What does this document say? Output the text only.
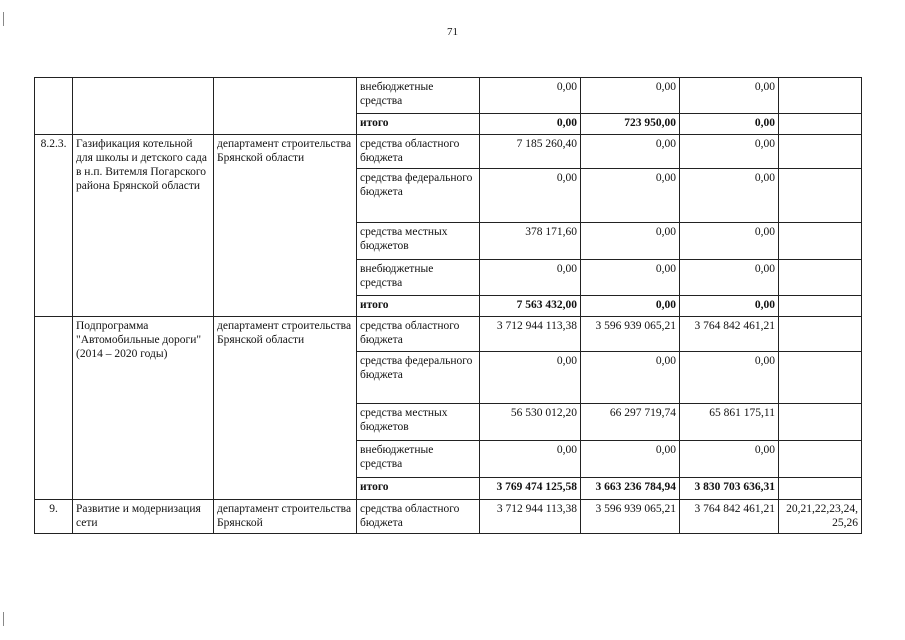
71
			внебюджетные средства	0,00	0,00	0,00	
			итого	0,00	723 950,00	0,00	
8.2.3.	Газификация котельной для школы и детского сада в н.п. Витемля Погарского района Брянской области	департамент строительства Брянской области	средства областного бюджета	7 185 260,40	0,00	0,00	
			средства федерального бюджета	0,00	0,00	0,00	
			средства местных бюджетов	378 171,60	0,00	0,00	
			внебюджетные средства	0,00	0,00	0,00	
			итого	7 563 432,00	0,00	0,00	
	Подпрограмма "Автомобильные дороги" (2014 – 2020 годы)	департамент строительства Брянской области	средства областного бюджета	3 712 944 113,38	3 596 939 065,21	3 764 842 461,21	
			средства федерального бюджета	0,00	0,00	0,00	
			средства местных бюджетов	56 530 012,20	66 297 719,74	65 861 175,11	
			внебюджетные средства	0,00	0,00	0,00	
			итого	3 769 474 125,58	3 663 236 784,94	3 830 703 636,31	
9.	Развитие и модернизация сети	департамент строительства Брянской	средства областного бюджета	3 712 944 113,38	3 596 939 065,21	3 764 842 461,21	20,21,22,23,24, 25,26
